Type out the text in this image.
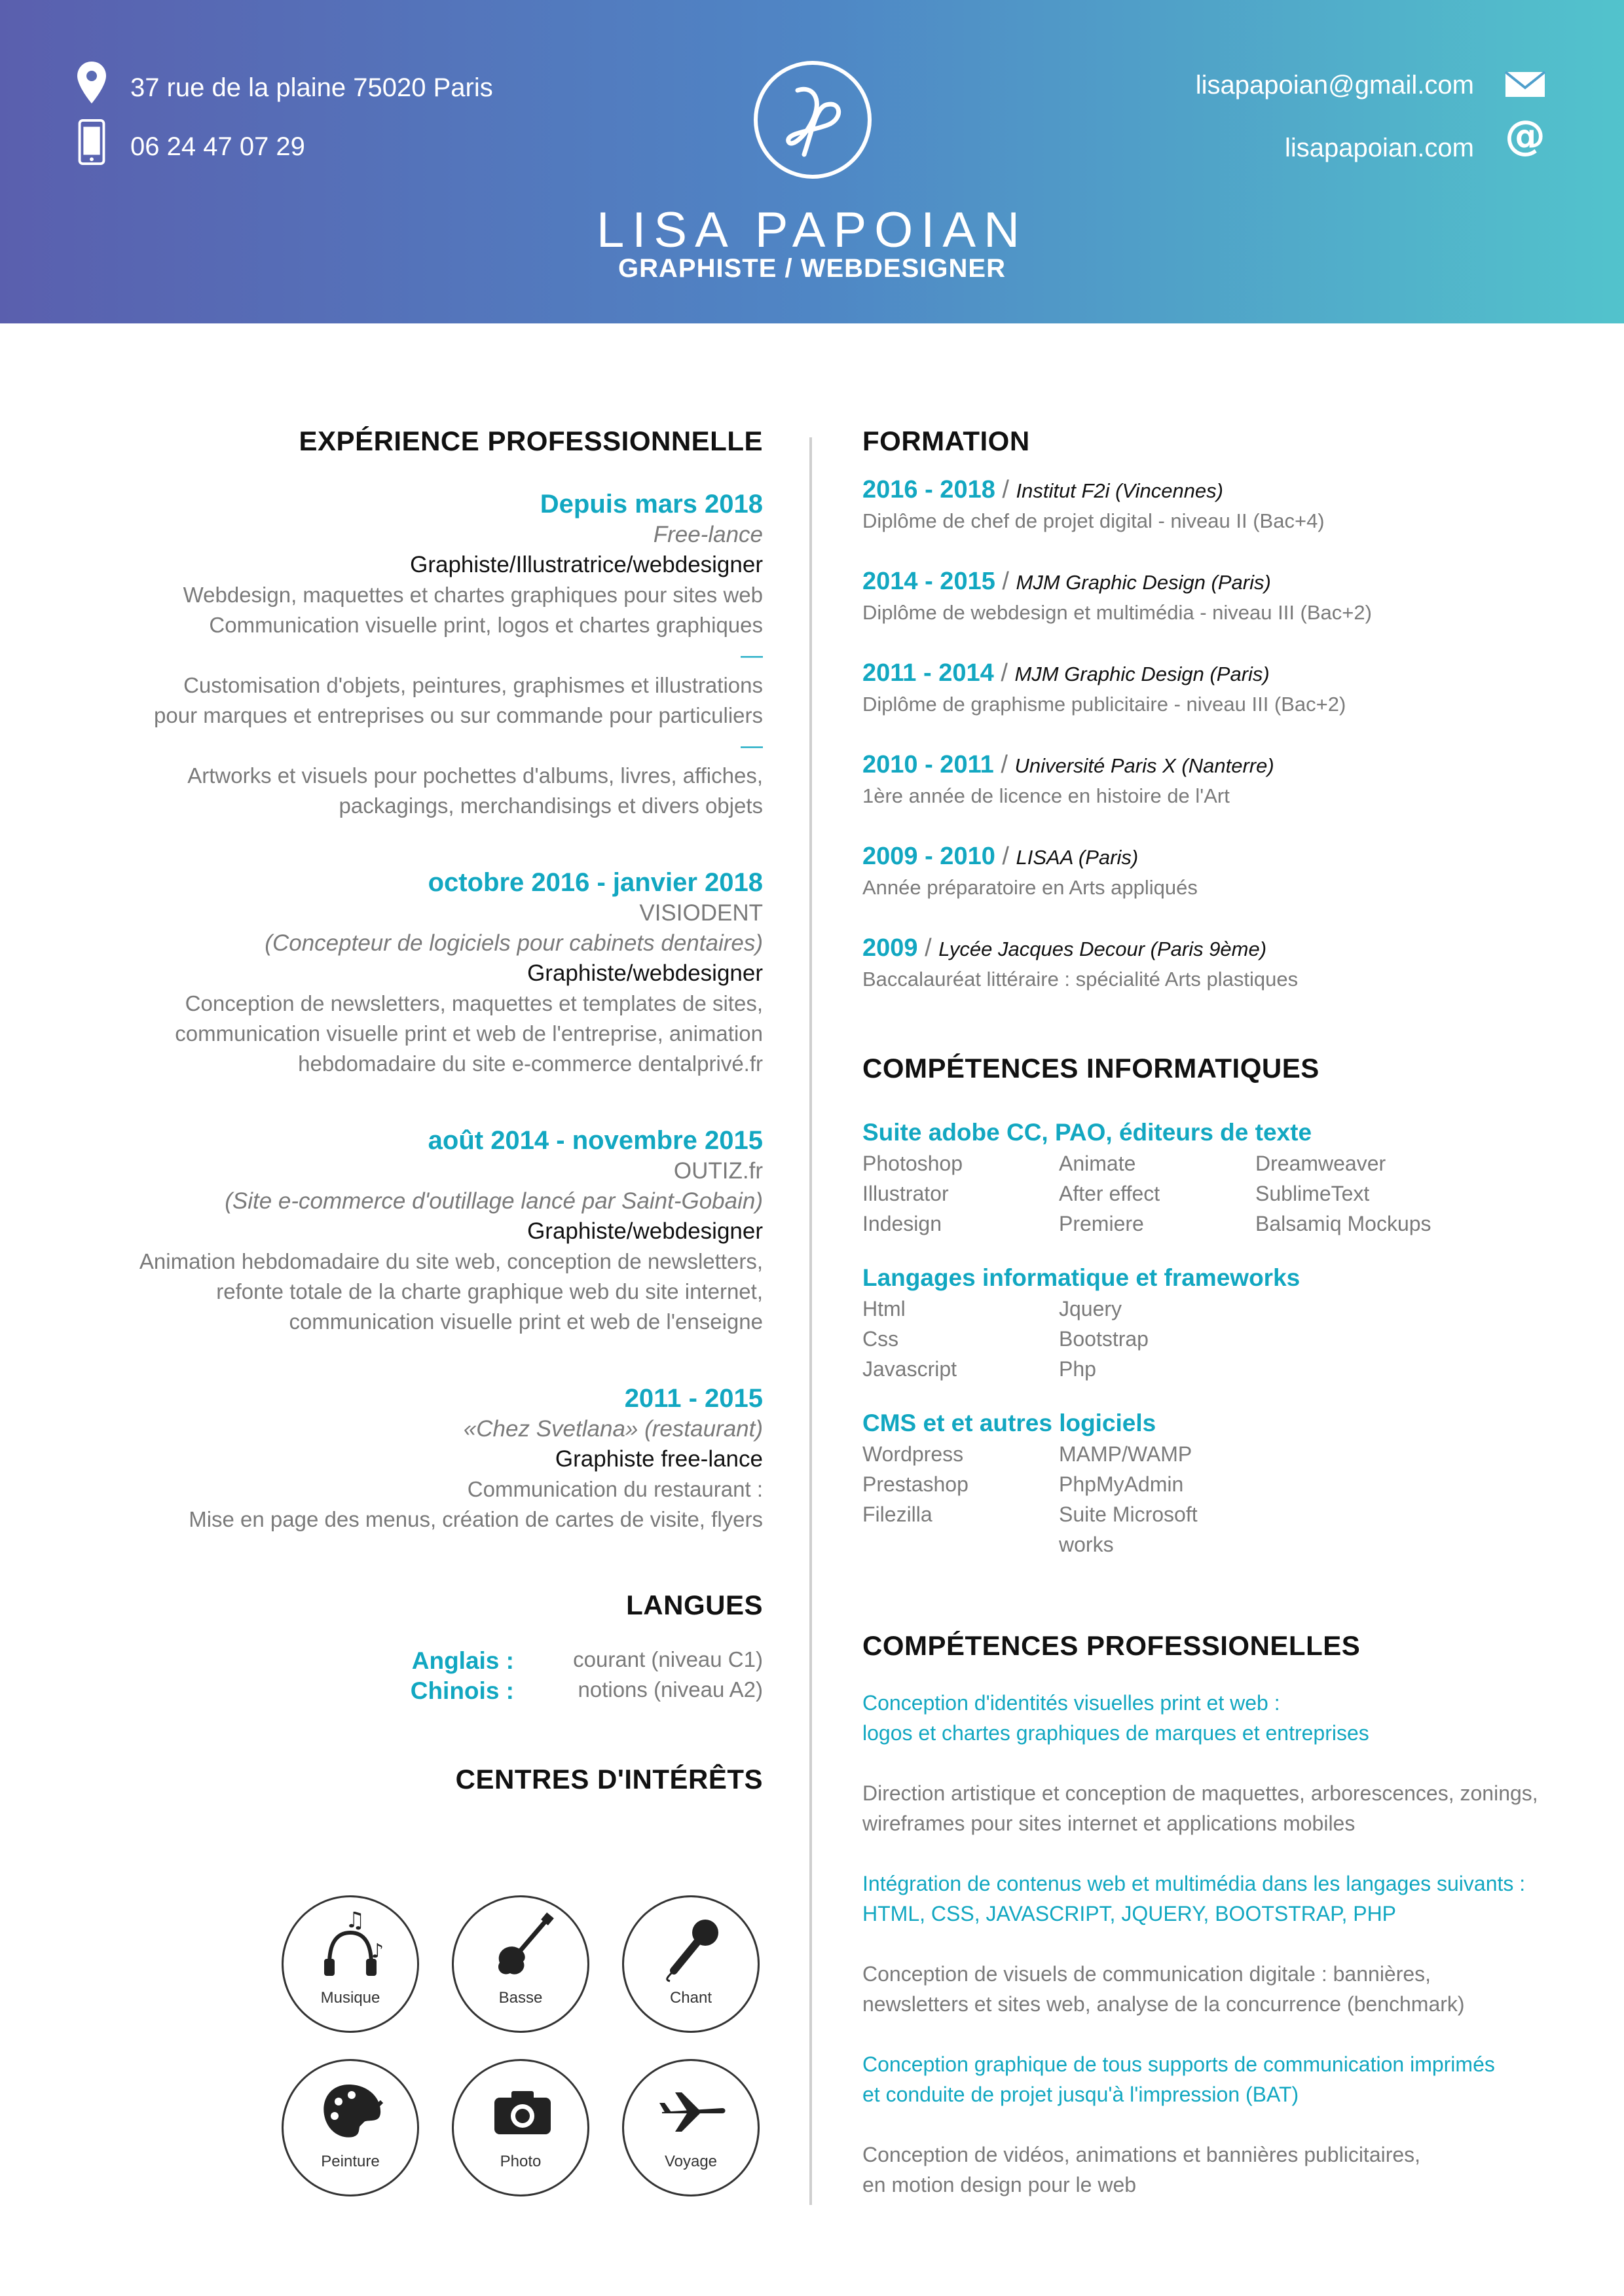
37 rue de la plaine 75020 Paris
06 24 47 07 29
lisapapoian@gmail.com
lisapapoian.com @
LISA PAPOIAN
GRAPHISTE / WEBDESIGNER
EXPÉRIENCE PROFESSIONNELLE
Depuis mars 2018
Free-lance
Graphiste/Illustratrice/webdesigner
Webdesign, maquettes et chartes graphiques pour sites web
Communication visuelle print, logos et chartes graphiques
—
Customisation d'objets, peintures, graphismes et illustrations
pour marques et entreprises ou sur commande pour particuliers
—
Artworks et visuels pour pochettes d'albums, livres, affiches,
packagings, merchandisings et divers objets
octobre 2016 - janvier 2018
VISIODENT
(Concepteur de logiciels pour cabinets dentaires)
Graphiste/webdesigner
Conception de newsletters, maquettes et templates de sites,
communication visuelle print et web de l'entreprise, animation
hebdomadaire du site e-commerce dentalprivé.fr
août 2014 - novembre 2015
OUTIZ.fr
(Site e-commerce d'outillage lancé par Saint-Gobain)
Graphiste/webdesigner
Animation hebdomadaire du site web, conception de newsletters,
refonte totale de la charte graphique web du site internet,
communication visuelle print et web de l'enseigne
2011 - 2015
«Chez Svetlana» (restaurant)
Graphiste free-lance
Communication du restaurant :
Mise en page des menus, création de cartes de visite, flyers
LANGUES
Anglais :	courant (niveau C1)
Chinois :	notions (niveau A2)
CENTRES D'INTÉRÊTS
♫
♪
Musique	Basse	Chant
Peinture	Photo	Voyage
FORMATION
2016 - 2018 / Institut F2i (Vincennes)
Diplôme de chef de projet digital - niveau II (Bac+4)
2014 - 2015 / MJM Graphic Design (Paris)
Diplôme de webdesign et multimédia - niveau III (Bac+2)
2011 - 2014 / MJM Graphic Design (Paris)
Diplôme de graphisme publicitaire - niveau III (Bac+2)
2010 - 2011 / Université Paris X (Nanterre)
1ère année de licence en histoire de l'Art
2009 - 2010 / LISAA (Paris)
Année préparatoire en Arts appliqués
2009 / Lycée Jacques Decour (Paris 9ème)
Baccalauréat littéraire : spécialité Arts plastiques
COMPÉTENCES INFORMATIQUES
Suite adobe CC, PAO, éditeurs de texte
Photoshop	Animate	Dreamweaver
Illustrator	After effect	SublimeText
Indesign	Premiere	Balsamiq Mockups
Langages informatique et frameworks
Html	Jquery
Css	Bootstrap
Javascript	Php
CMS et et autres logiciels
Wordpress	MAMP/WAMP
Prestashop	PhpMyAdmin
Filezilla	Suite Microsoft works
COMPÉTENCES PROFESSIONELLES
Conception d'identités visuelles print et web :
logos et chartes graphiques de marques et entreprises
Direction artistique et conception de maquettes, arborescences, zonings,
wireframes pour sites internet et applications mobiles
Intégration de contenus web et multimédia dans les langages suivants :
HTML, CSS, JAVASCRIPT, JQUERY, BOOTSTRAP, PHP
Conception de visuels de communication digitale : bannières,
newsletters et sites web, analyse de la concurrence (benchmark)
Conception graphique de tous supports de communication imprimés
et conduite de projet jusqu'à l'impression (BAT)
Conception de vidéos, animations et bannières publicitaires,
en motion design pour le web
